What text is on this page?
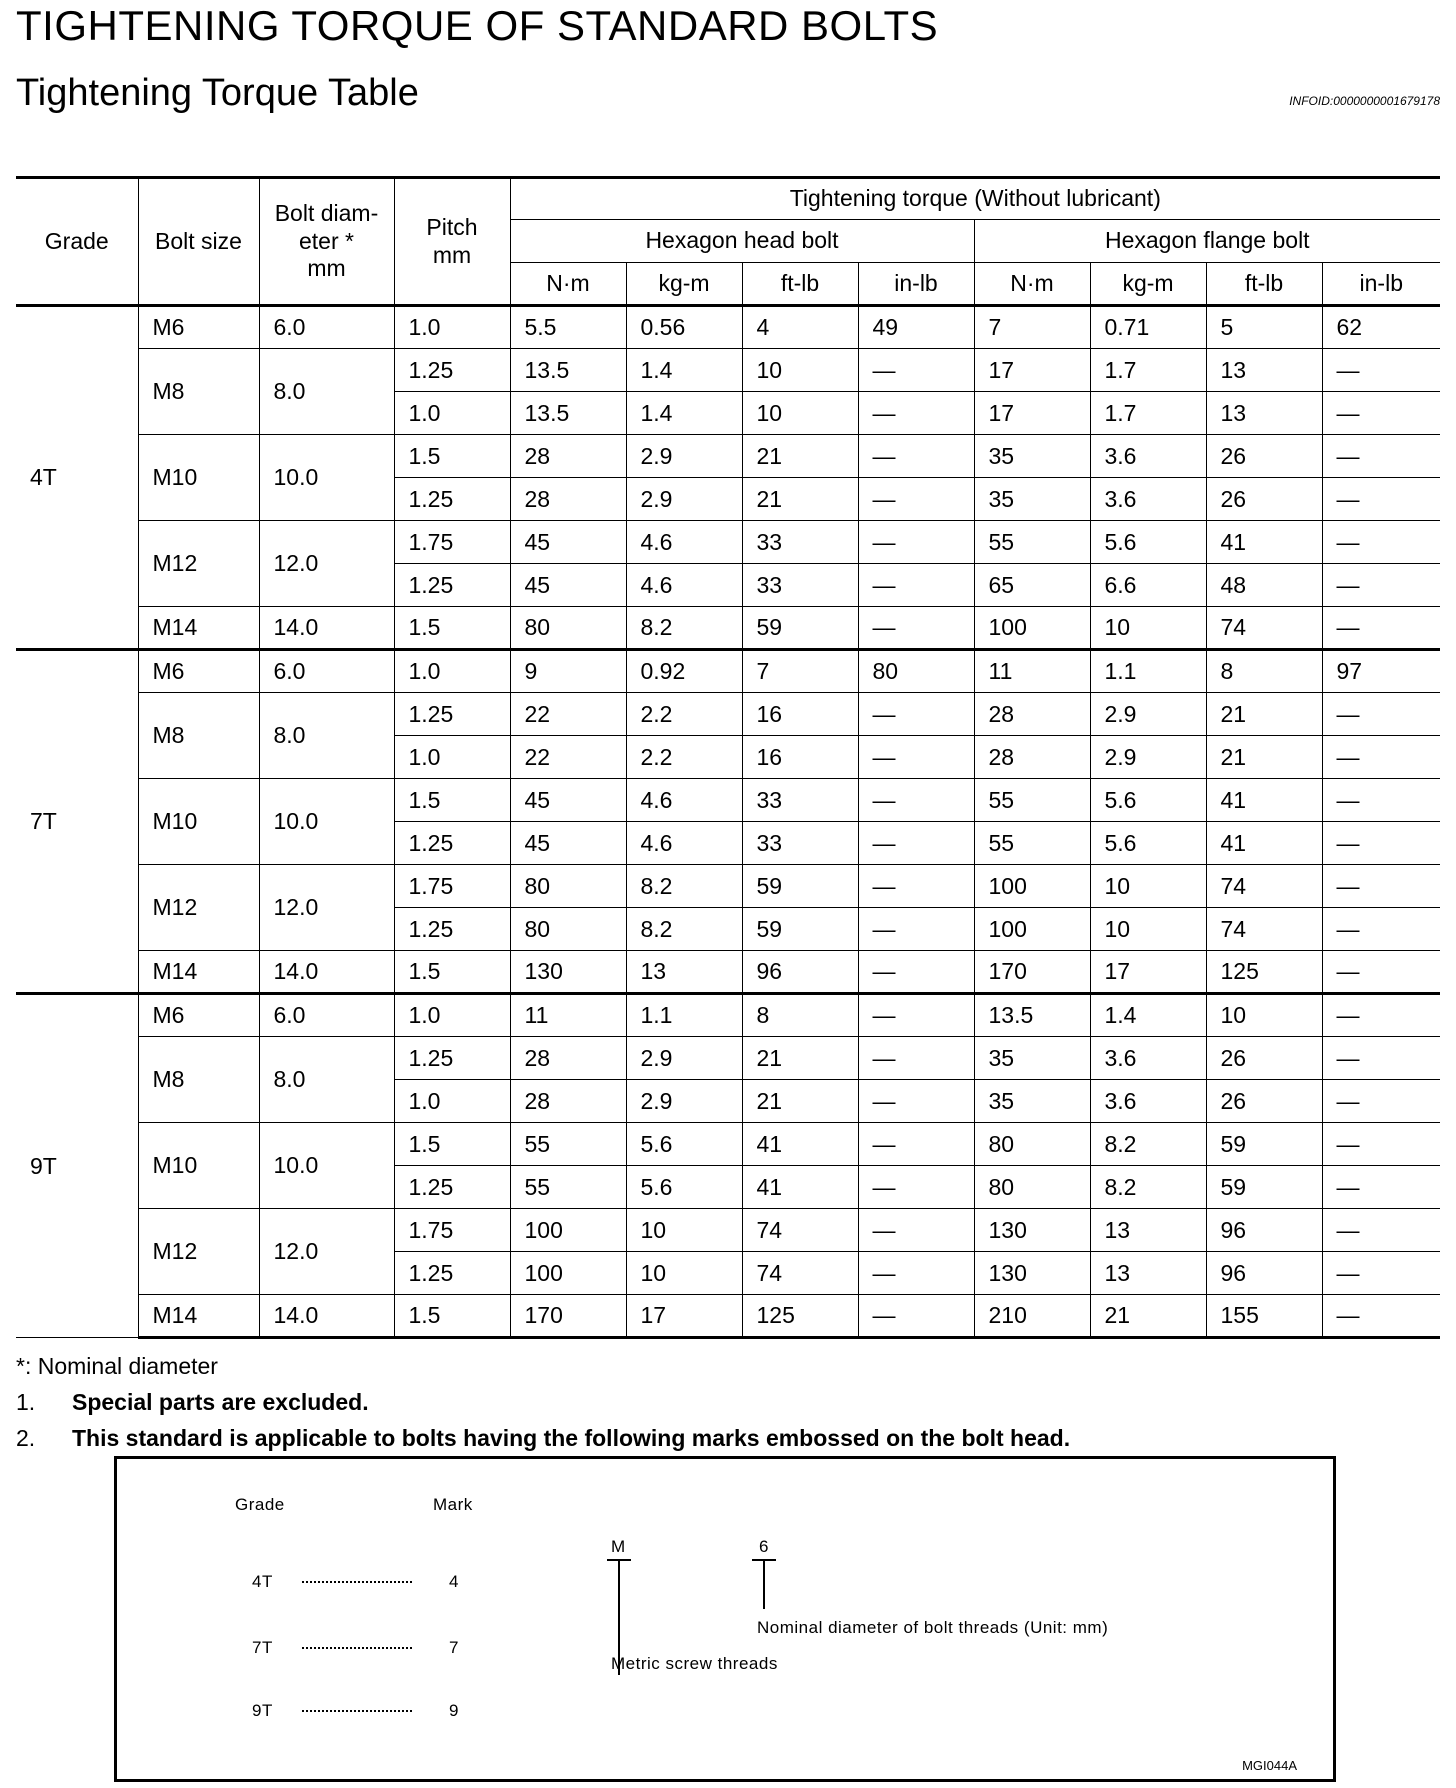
TIGHTENING TORQUE OF STANDARD BOLTS
Tightening Torque Table	INFOID:0000000001679178
Grade	Bolt size	Bolt diam-
eter *
mm	Pitch
mm	Tightening torque (Without lubricant)							
				Hexagon head bolt				Hexagon flange bolt			
				N·m	kg-m	ft-lb	in-lb	N·m	kg-m	ft-lb	in-lb
4T	M6	6.0	1.0	5.5	0.56	4	49	7	0.71	5	62
	M8	8.0	1.25	13.5	1.4	10	—	17	1.7	13	—
			1.0	13.5	1.4	10	—	17	1.7	13	—
	M10	10.0	1.5	28	2.9	21	—	35	3.6	26	—
			1.25	28	2.9	21	—	35	3.6	26	—
	M12	12.0	1.75	45	4.6	33	—	55	5.6	41	—
			1.25	45	4.6	33	—	65	6.6	48	—
	M14	14.0	1.5	80	8.2	59	—	100	10	74	—
7T	M6	6.0	1.0	9	0.92	7	80	11	1.1	8	97
	M8	8.0	1.25	22	2.2	16	—	28	2.9	21	—
			1.0	22	2.2	16	—	28	2.9	21	—
	M10	10.0	1.5	45	4.6	33	—	55	5.6	41	—
			1.25	45	4.6	33	—	55	5.6	41	—
	M12	12.0	1.75	80	8.2	59	—	100	10	74	—
			1.25	80	8.2	59	—	100	10	74	—
	M14	14.0	1.5	130	13	96	—	170	17	125	—
9T	M6	6.0	1.0	11	1.1	8	—	13.5	1.4	10	—
	M8	8.0	1.25	28	2.9	21	—	35	3.6	26	—
			1.0	28	2.9	21	—	35	3.6	26	—
	M10	10.0	1.5	55	5.6	41	—	80	8.2	59	—
			1.25	55	5.6	41	—	80	8.2	59	—
	M12	12.0	1.75	100	10	74	—	130	13	96	—
			1.25	100	10	74	—	130	13	96	—
	M14	14.0	1.5	170	17	125	—	210	21	155	—
*: Nominal diameter
1. Special parts are excluded.
2. This standard is applicable to bolts having the following marks embossed on the bolt head.
Grade	Mark
4T	4
7T	7
9T	9
M	6
Nominal diameter of bolt threads (Unit: mm)
Metric screw threads
MGI044A
